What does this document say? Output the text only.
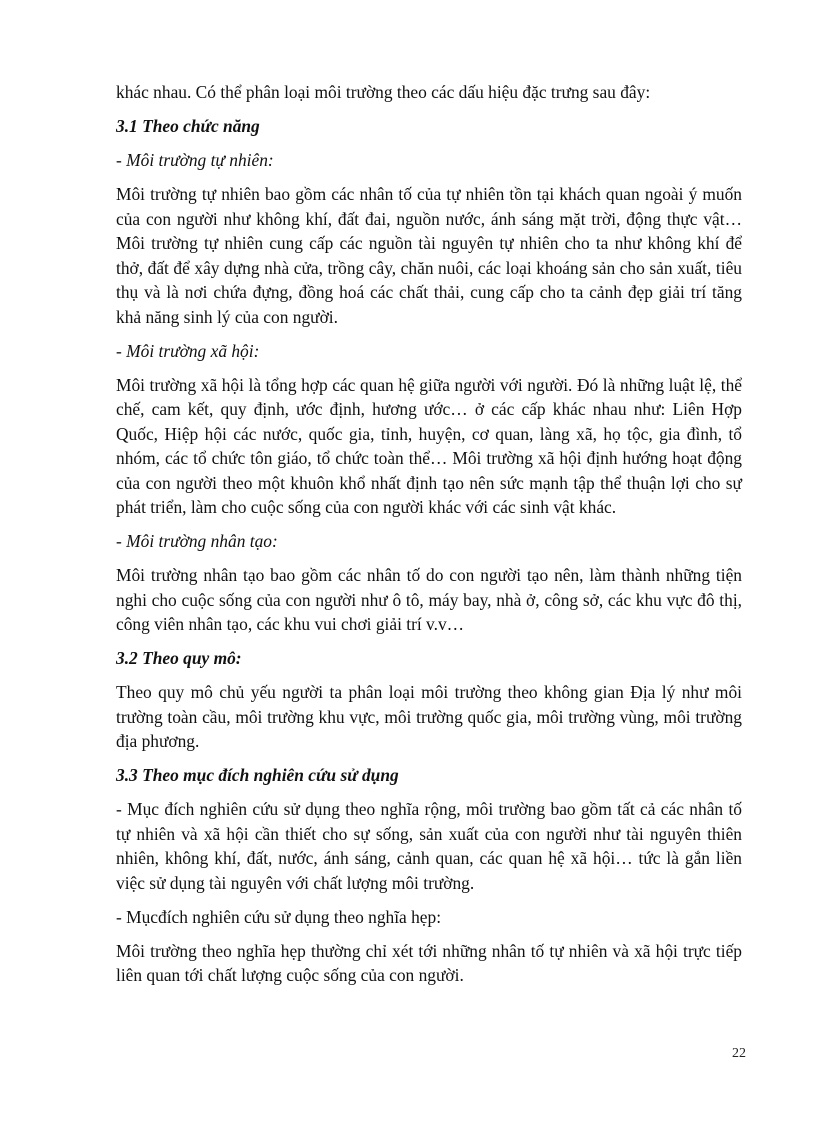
khác nhau. Có thể phân loại môi trường theo các dấu hiệu đặc trưng sau đây:

3.1 Theo chức năng
- Môi trường tự nhiên:

Môi trường tự nhiên bao gồm các nhân tố của tự nhiên tồn tại khách quan ngoài ý muốn của con người như không khí, đất đai, nguồn nước, ánh sáng mặt trời, động thực vật… Môi trường tự nhiên cung cấp các nguồn tài nguyên tự nhiên cho ta như không khí để thở, đất để xây dựng nhà cửa, trồng cây, chăn nuôi, các loại khoáng sản cho sản xuất, tiêu thụ và là nơi chứa đựng, đồng hoá các chất thải, cung cấp cho ta cảnh đẹp giải trí tăng khả năng sinh lý của con người.

- Môi trường xã hội:

Môi trường xã hội là tổng hợp các quan hệ giữa người với người. Đó là những luật lệ, thể chế, cam kết, quy định, ước định, hương ước… ở các cấp khác nhau như: Liên Hợp Quốc, Hiệp hội các nước, quốc gia, tỉnh, huyện, cơ quan, làng xã, họ tộc, gia đình, tổ nhóm, các tổ chức tôn giáo, tổ chức toàn thể… Môi trường xã hội định hướng hoạt động của con người theo một khuôn khổ nhất định tạo nên sức mạnh tập thể thuận lợi cho sự phát triển, làm cho cuộc sống của con người khác với các sinh vật khác.

- Môi trường nhân tạo:

Môi trường nhân tạo bao gồm các nhân tố do con người tạo nên, làm thành những tiện nghi cho cuộc sống của con người như ô tô, máy bay, nhà ở, công sở, các khu vực đô thị, công viên nhân tạo, các khu vui chơi giải trí v.v…

3.2 Theo quy mô:

Theo quy mô chủ yếu người ta phân loại môi trường theo không gian Địa lý như môi trường toàn cầu, môi trường khu vực, môi trường quốc gia, môi trường vùng, môi trường địa phương.

3.3 Theo mục đích nghiên cứu sử dụng

- Mục đích nghiên cứu sử dụng theo nghĩa rộng, môi trường bao gồm tất cả các nhân tố tự nhiên và xã hội cần thiết cho sự sống, sản xuất của con người như tài nguyên thiên nhiên, không khí, đất, nước, ánh sáng, cảnh quan, các quan hệ xã hội… tức là gắn liền việc sử dụng tài nguyên với chất lượng môi trường.

- Mụcđích nghiên cứu sử dụng theo nghĩa hẹp:

Môi trường theo nghĩa hẹp thường chỉ xét tới những nhân tố tự nhiên và xã hội trực tiếp liên quan tới chất lượng cuộc sống của con người.

22
